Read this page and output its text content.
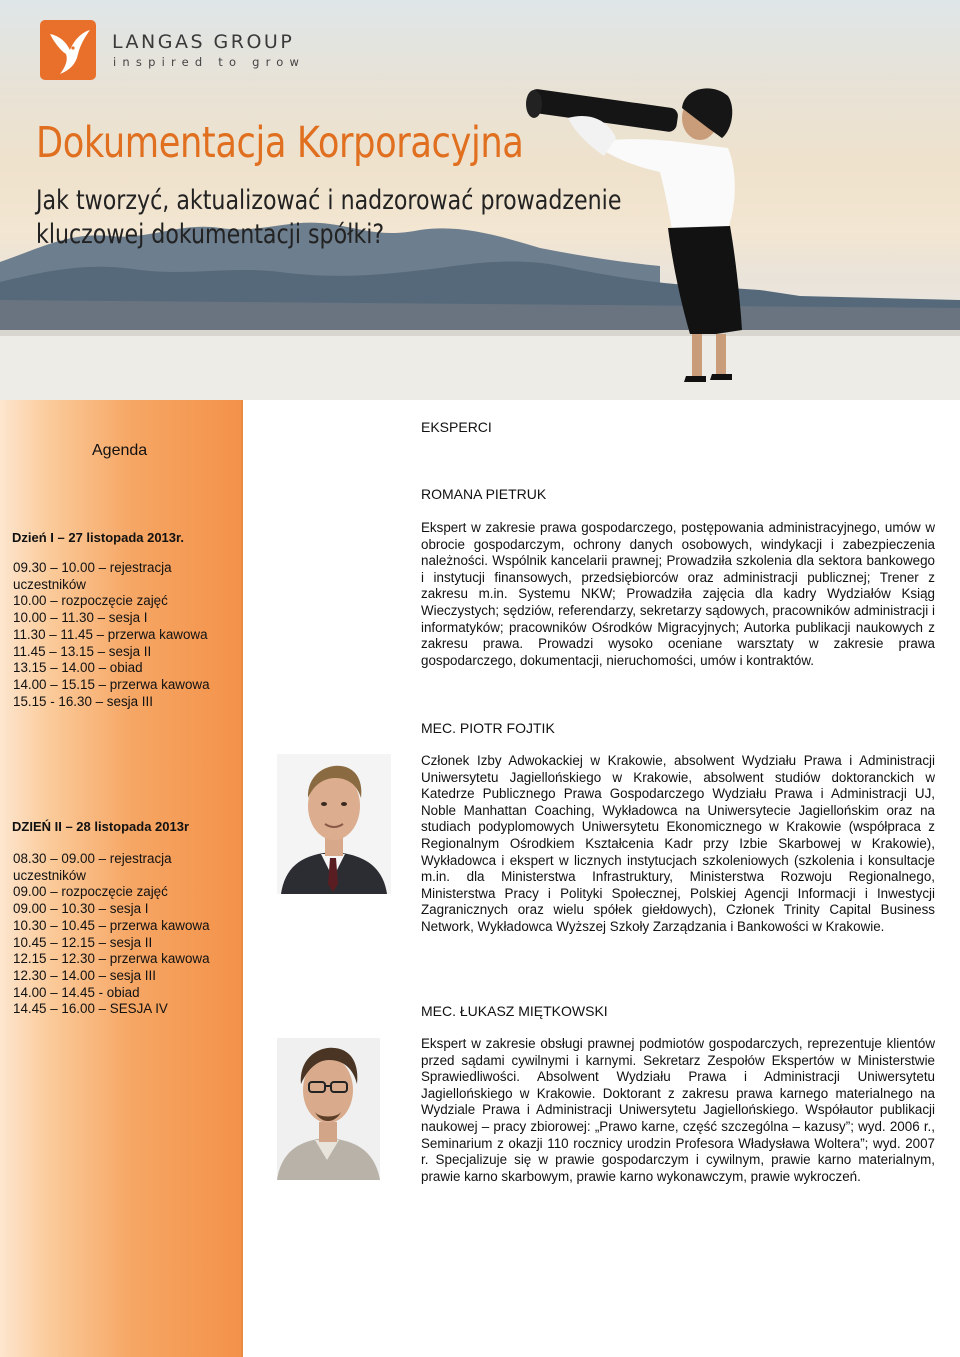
LANGAS GROUP
inspired to grow
Dokumentacja Korporacyjna
Jak tworzyć, aktualizować i nadzorować prowadzenie
kluczowej dokumentacji spółki?
Agenda
Dzień I – 27 listopada 2013r.
09.30 – 10.00 – rejestracja
uczestników
10.00 – rozpoczęcie zajęć
10.00 – 11.30 – sesja I
11.30 – 11.45 – przerwa kawowa
11.45 – 13.15 – sesja II
13.15 – 14.00 – obiad
14.00 – 15.15 – przerwa kawowa
15.15 - 16.30 – sesja III
DZIEŃ II – 28 listopada 2013r
08.30 – 09.00 – rejestracja
uczestników
09.00 – rozpoczęcie zajęć
09.00 – 10.30 – sesja I
10.30 – 10.45 – przerwa kawowa
10.45 – 12.15 – sesja II
12.15 – 12.30 – przerwa kawowa
12.30 – 14.00 – sesja III
14.00 – 14.45 - obiad
14.45 – 16.00 – SESJA IV
EKSPERCI
ROMANA PIETRUK

Ekspert w zakresie prawa gospodarczego, postępowania administracyjnego, umów w obrocie gospodarczym, ochrony danych osobowych, windykacji i zabezpieczenia należności. Wspólnik kancelarii prawnej; Prowadziła szkolenia dla sektora bankowego i instytucji finansowych, przedsiębiorców oraz administracji publicznej; Trener z zakresu m.in. Systemu NKW; Prowadziła zajęcia dla kadry Wydziałów Ksiąg Wieczystych; sędziów, referendarzy, sekretarzy sądowych, pracowników administracji i informatyków; pracowników Ośrodków Migracyjnych; Autorka publikacji naukowych z zakresu prawa. Prowadzi wysoko oceniane warsztaty w zakresie prawa gospodarczego, dokumentacji, nieruchomości, umów i kontraktów.

MEC. PIOTR FOJTIK

Członek Izby Adwokackiej w Krakowie, absolwent Wydziału Prawa i Administracji Uniwersytetu Jagiellońskiego w Krakowie, absolwent studiów doktoranckich w Katedrze Publicznego Prawa Gospodarczego Wydziału Prawa i Administracji UJ, Noble Manhattan Coaching, Wykładowca na Uniwersytecie Jagiellońskim oraz na studiach podyplomowych Uniwersytetu Ekonomicznego w Krakowie (współpraca z Regionalnym Ośrodkiem Kształcenia Kadr przy Izbie Skarbowej w Krakowie), Wykładowca i ekspert w licznych instytucjach szkoleniowych (szkolenia i konsultacje m.in. dla Ministerstwa Infrastruktury, Ministerstwa Rozwoju Regionalnego, Ministerstwa Pracy i Polityki Społecznej, Polskiej Agencji Informacji i Inwestycji Zagranicznych oraz wielu spółek giełdowych), Członek Trinity Capital Business Network, Wykładowca Wyższej Szkoły Zarządzania i Bankowości w Krakowie.

MEC. ŁUKASZ MIĘTKOWSKI

Ekspert w zakresie obsługi prawnej podmiotów gospodarczych, reprezentuje klientów przed sądami cywilnymi i karnymi. Sekretarz Zespołów Ekspertów w Ministerstwie Sprawiedliwości. Absolwent Wydziału Prawa i Administracji Uniwersytetu Jagiellońskiego w Krakowie. Doktorant z zakresu prawa karnego materialnego na Wydziale Prawa i Administracji Uniwersytetu Jagiellońskiego. Współautor publikacji naukowej – pracy zbiorowej: „Prawo karne, część szczególna – kazusy”; wyd. 2006 r., Seminarium z okazji 110 rocznicy urodzin Profesora Władysława Woltera”; wyd. 2007 r. Specjalizuje się w prawie gospodarczym i cywilnym, prawie karno materialnym, prawie karno skarbowym, prawie karno wykonawczym, prawie wykroczeń.
